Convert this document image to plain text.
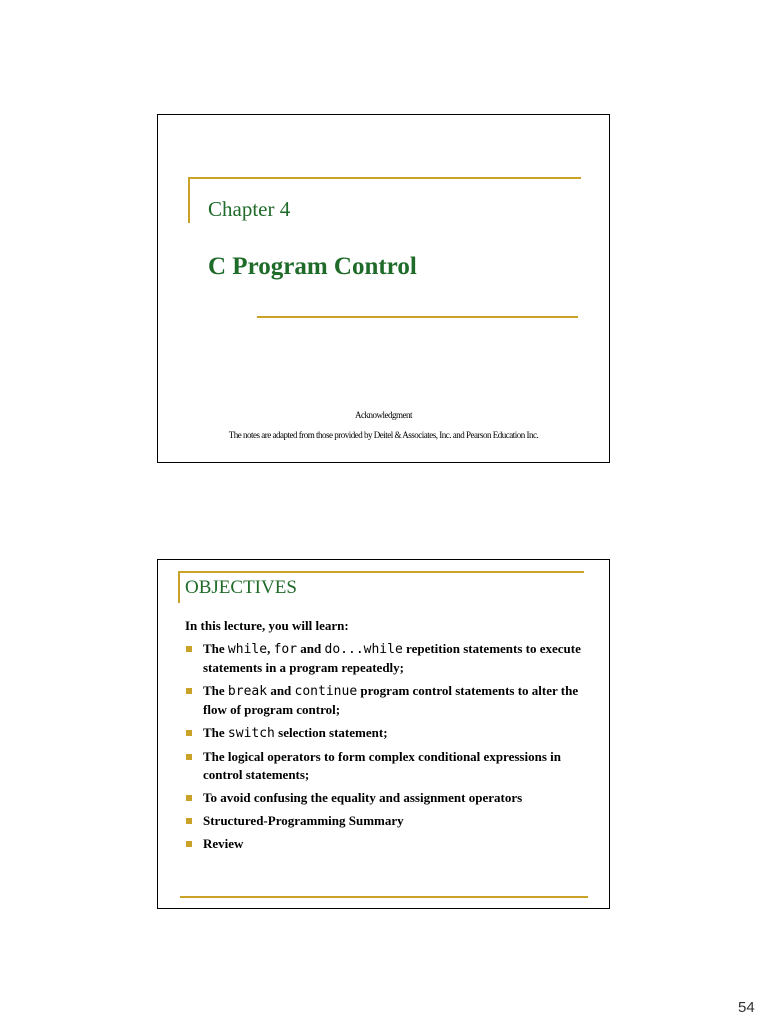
Chapter 4
C Program Control
Acknowledgment
The notes are adapted from those provided by Deitel & Associates, Inc. and Pearson Education Inc.
OBJECTIVES
In this lecture, you will learn:
The while, for and do...while repetition statements to execute statements in a program repeatedly;
The break and continue program control statements to alter the flow of program control;
The switch selection statement;
The logical operators to form complex conditional expressions in control statements;
To avoid confusing the equality and assignment operators
Structured-Programming Summary
Review
54
